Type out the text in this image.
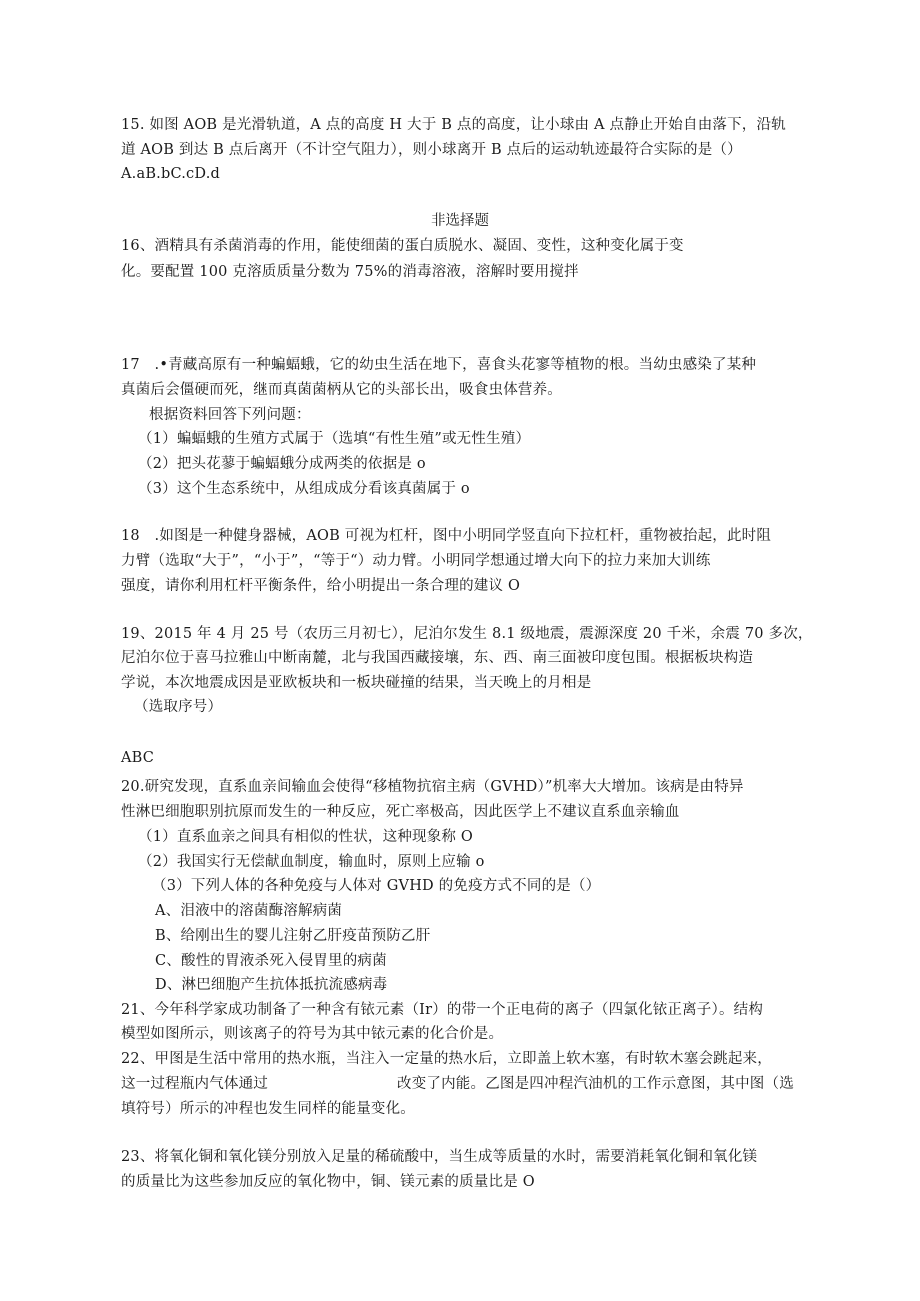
15. 如图 AOB 是光滑轨道，A 点的高度 H 大于 B 点的高度，让小球由 A 点静止开始自由落下，沿轨
道 AOB 到达 B 点后离开（不计空气阻力），则小球离开 B 点后的运动轨迹最符合实际的是（）
A.aB.bC.cD.d
非选择题
16、酒精具有杀菌消毒的作用，能使细菌的蛋白质脱水、凝固、变性，这种变化属于变
化。要配置 100 克溶质质量分数为 75%的消毒溶液，溶解时要用搅拌
17　.•青藏高原有一种蝙蝠蛾，它的幼虫生活在地下，喜食头花寥等植物的根。当幼虫感染了某种
真菌后会僵硬而死，继而真菌菌柄从它的头部长出，吸食虫体营养。
根据资料回答下列问题：
（1）蝙蝠蛾的生殖方式属于（选填“有性生殖”或无性生殖）
（2）把头花蓼于蝙蝠蛾分成两类的依据是 o
（3）这个生态系统中，从组成成分看该真菌属于 o
18　.如图是一种健身器械，AOB 可视为杠杆，图中小明同学竖直向下拉杠杆，重物被抬起，此时阻
力臂（选取“大于”，“小于”，“等于“）动力臂。小明同学想通过增大向下的拉力来加大训练
强度，请你利用杠杆平衡条件，给小明提出一条合理的建议 O
19、2015 年 4 月 25 号（农历三月初七），尼泊尔发生 8.1 级地震，震源深度 20 千米，余震 70 多次，
尼泊尔位于喜马拉雅山中断南麓，北与我国西藏接壤，东、西、南三面被印度包围。根据板块构造
学说，本次地震成因是亚欧板块和一板块碰撞的结果，当天晚上的月相是
（选取序号）
ABC
20.研究发现，直系血亲间输血会使得“移植物抗宿主病（GVHD）”机率大大增加。该病是由特异
性淋巴细胞职别抗原而发生的一种反应，死亡率极高，因此医学上不建议直系血亲输血
（1）直系血亲之间具有相似的性状，这种现象称 O
（2）我国实行无偿献血制度，输血时，原则上应输 o
（3）下列人体的各种免疫与人体对 GVHD 的免疫方式不同的是（）
A、泪液中的溶菌酶溶解病菌
B、给刚出生的婴儿注射乙肝疫苗预防乙肝
C、酸性的胃液杀死入侵胃里的病菌
D、淋巴细胞产生抗体抵抗流感病毒
21、今年科学家成功制备了一种含有铱元素（Ir）的带一个正电荷的离子（四氯化铱正离子）。结构
模型如图所示，则该离子的符号为其中铱元素的化合价是。
22、甲图是生活中常用的热水瓶，当注入一定量的热水后，立即盖上软木塞，有时软木塞会跳起来，
这一过程瓶内气体通过	改变了内能。乙图是四冲程汽油机的工作示意图，其中图（选
填符号）所示的冲程也发生同样的能量变化。
23、将氧化铜和氧化镁分别放入足量的稀硫酸中，当生成等质量的水时，需要消耗氧化铜和氧化镁
的质量比为这些参加反应的氧化物中，铜、镁元素的质量比是 O
